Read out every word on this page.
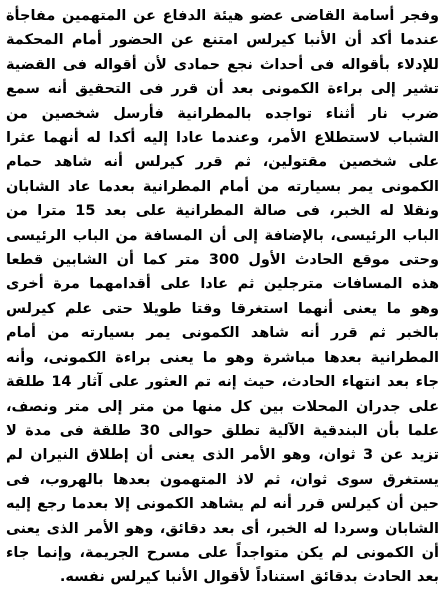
وفجر أسامة القاضى عضو هيئة الدفاع عن المتهمين مفاجأة عندما أكد أن الأنبا كيرلس امتنع عن الحضور أمام المحكمة للإدلاء بأقواله فى أحداث نجع حمادى لأن أقواله فى القضية تشير إلى براءة الكمونى بعد أن قرر فى التحقيق أنه سمع ضرب نار أثناء تواجده بالمطرانية فأرسل شخصين من الشباب لاستطلاع الأمر، وعندما عادا إليه أكدا له أنهما عثرا على شخصين مقتولين، ثم قرر كيرلس أنه شاهد حمام الكمونى يمر بسيارته من أمام المطرانية بعدما عاد الشابان ونقلا له الخبر، فى صالة المطرانية على بعد 15 مترا من الباب الرئيسى، بالإضافة إلى أن المسافة من الباب الرئيسى وحتى موقع الحادث الأول 300 متر كما أن الشابين قطعا هذه المسافات مترجلين ثم عادا على أقدامهما مرة أخرى وهو ما يعنى أنهما استغرقا وقتا طويلا حتى علم كيرلس بالخبر ثم قرر أنه شاهد الكمونى يمر بسيارته من أمام المطرانية بعدها مباشرة وهو ما يعنى براءة الكمونى، وأنه جاء بعد انتهاء الحادث، حيث إنه تم العثور على آثار 14 طلقة على جدران المحلات بين كل منها من متر إلى متر ونصف، علما بأن البندقية الآلية تطلق حوالى 30 طلقة فى مدة لا تزيد عن 3 ثوان، وهو الأمر الذى يعنى أن إطلاق النيران لم يستغرق سوى ثوان، ثم لاذ المتهمون بعدها بالهروب، فى حين أن كيرلس قرر أنه لم يشاهد الكمونى إلا بعدما رجع إليه الشابان وسردا له الخبر، أى بعد دقائق، وهو الأمر الذى يعنى أن الكمونى لم يكن متواجداً على مسرح الجريمة، وإنما جاء بعد الحادث بدقائق استناداً لأقوال الأنبا كيرلس نفسه.
